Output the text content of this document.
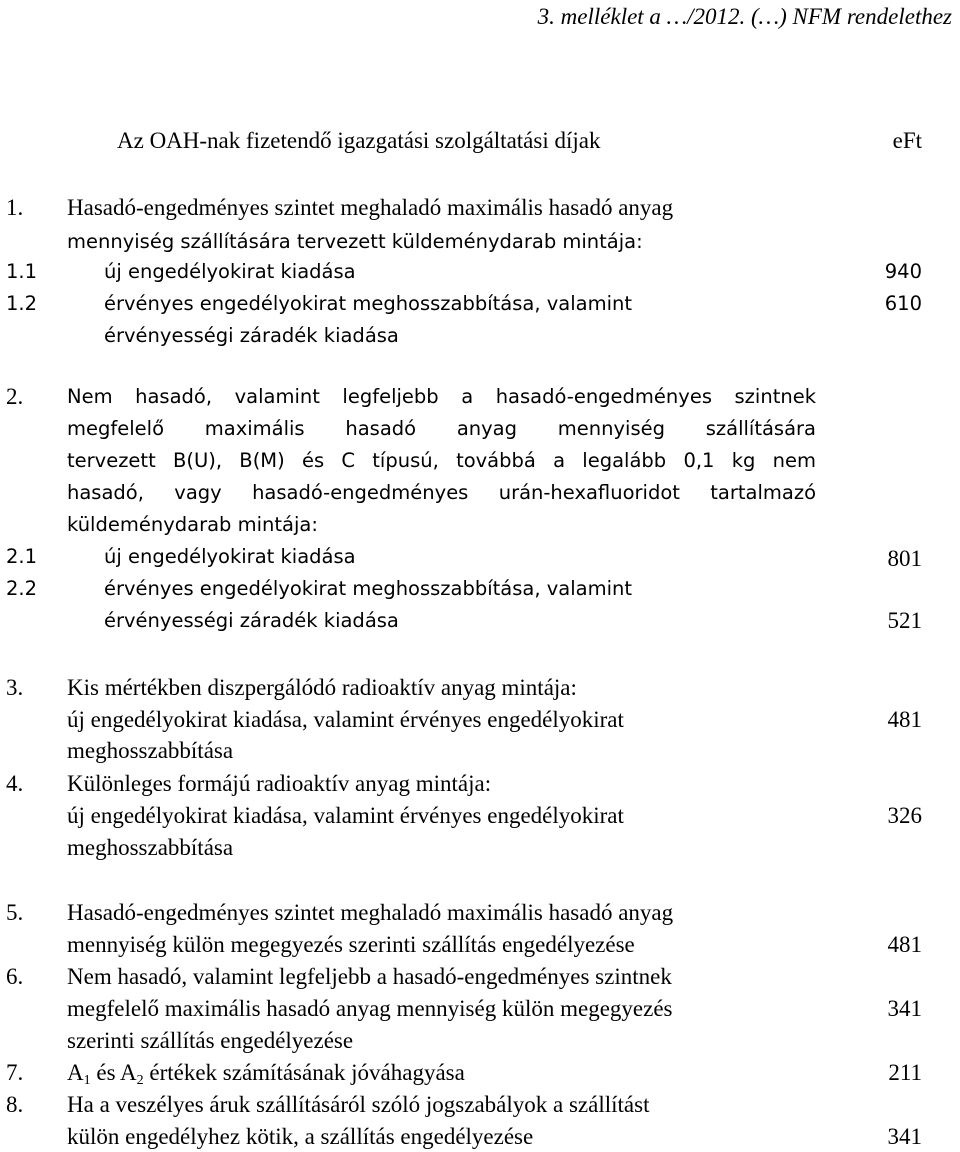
3. melléklet a …/2012. (…) NFM rendelethez
Az OAH-nak fizetendő igazgatási szolgáltatási díjak	eFt
1. Hasadó-engedményes szintet meghaladó maximális hasadó anyag
mennyiség szállítására tervezett küldeménydarab mintája:
1.1	új engedélyokirat kiadása	940
1.2	érvényes engedélyokirat meghosszabbítása, valamint	610
érvényességi záradék kiadása
2. Nem hasadó, valamint legfeljebb a hasadó-engedményes szintnek
megfelelő maximális hasadó anyag mennyiség szállítására
tervezett B(U), B(M) és C típusú, továbbá a legalább 0,1 kg nem
hasadó, vagy hasadó-engedményes urán-hexafluoridot tartalmazó
küldeménydarab mintája:
2.1	új engedélyokirat kiadása	801
2.2	érvényes engedélyokirat meghosszabbítása, valamint
érvényességi záradék kiadása	521
3. Kis mértékben diszpergálódó radioaktív anyag mintája:
új engedélyokirat kiadása, valamint érvényes engedélyokirat	481
meghosszabbítása
4. Különleges formájú radioaktív anyag mintája:
új engedélyokirat kiadása, valamint érvényes engedélyokirat	326
meghosszabbítása
5. Hasadó-engedményes szintet meghaladó maximális hasadó anyag
mennyiség külön megegyezés szerinti szállítás engedélyezése	481
6. Nem hasadó, valamint legfeljebb a hasadó-engedményes szintnek
megfelelő maximális hasadó anyag mennyiség külön megegyezés	341
szerinti szállítás engedélyezése
7. $A_1$ és $A_2$ értékek számításának jóváhagyása	211
8. Ha a veszélyes áruk szállításáról szóló jogszabályok a szállítást
külön engedélyhez kötik, a szállítás engedélyezése	341
